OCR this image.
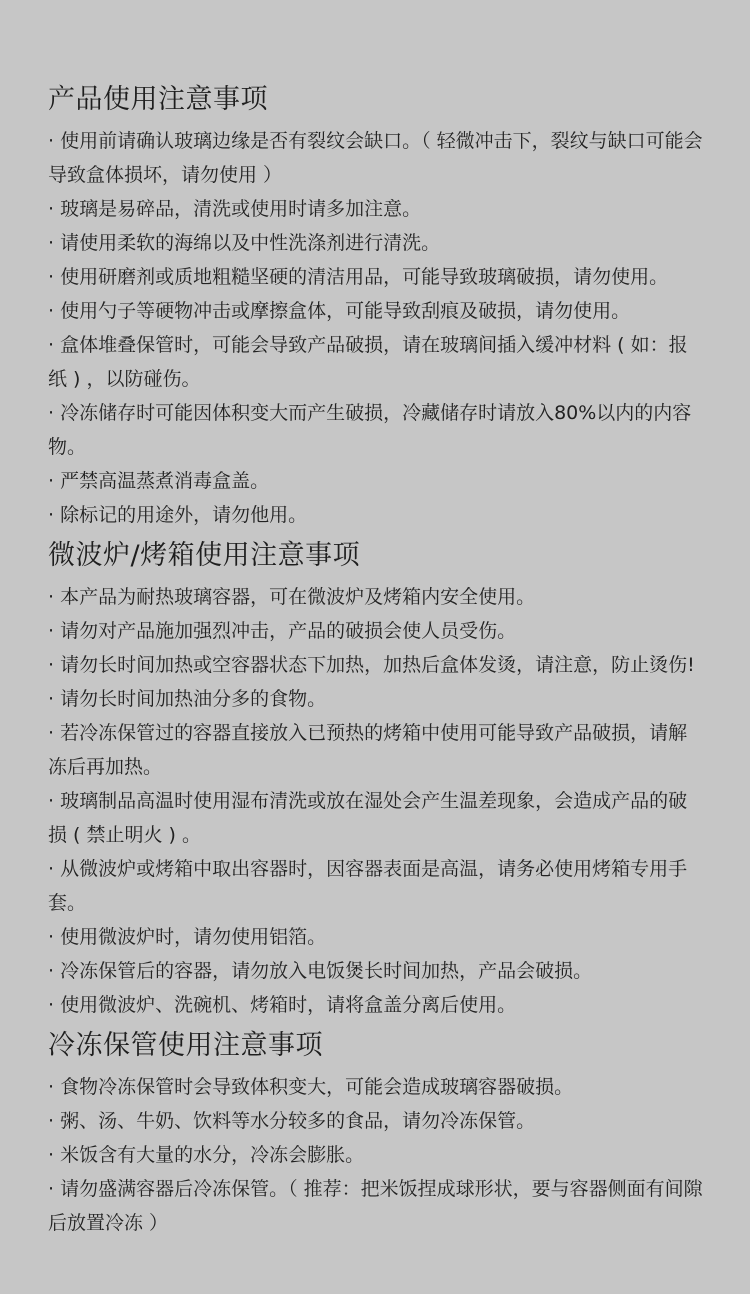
产品使用注意事项
· 使用前请确认玻璃边缘是否有裂纹会缺口。（ 轻微冲击下，裂纹与缺口可能会导致盒体损坏，请勿使用 ）
· 玻璃是易碎品，清洗或使用时请多加注意。
· 请使用柔软的海绵以及中性洗涤剂进行清洗。
· 使用研磨剂或质地粗糙坚硬的清洁用品，可能导致玻璃破损，请勿使用。
· 使用勺子等硬物冲击或摩擦盒体，可能导致刮痕及破损，请勿使用。
· 盒体堆叠保管时，可能会导致产品破损，请在玻璃间插入缓冲材料 ( 如：报纸 ) ，以防碰伤。
· 冷冻储存时可能因体积变大而产生破损，冷藏储存时请放入80%以内的内容物。
· 严禁高温蒸煮消毒盒盖。
· 除标记的用途外，请勿他用。
微波炉/烤箱使用注意事项
· 本产品为耐热玻璃容器，可在微波炉及烤箱内安全使用。
· 请勿对产品施加强烈冲击，产品的破损会使人员受伤。
· 请勿长时间加热或空容器状态下加热，加热后盒体发烫，请注意，防止烫伤!
· 请勿长时间加热油分多的食物。
· 若冷冻保管过的容器直接放入已预热的烤箱中使用可能导致产品破损，请解冻后再加热。
· 玻璃制品高温时使用湿布清洗或放在湿处会产生温差现象，会造成产品的破损 ( 禁止明火 ) 。
· 从微波炉或烤箱中取出容器时，因容器表面是高温，请务必使用烤箱专用手套。
· 使用微波炉时，请勿使用铝箔。
· 冷冻保管后的容器，请勿放入电饭煲长时间加热，产品会破损。
· 使用微波炉、洗碗机、烤箱时，请将盒盖分离后使用。
冷冻保管使用注意事项
· 食物冷冻保管时会导致体积变大，可能会造成玻璃容器破损。
· 粥、汤、牛奶、饮料等水分较多的食品，请勿冷冻保管。
· 米饭含有大量的水分，冷冻会膨胀。
· 请勿盛满容器后冷冻保管。（ 推荐：把米饭捏成球形状，要与容器侧面有间隙后放置冷冻 ）
